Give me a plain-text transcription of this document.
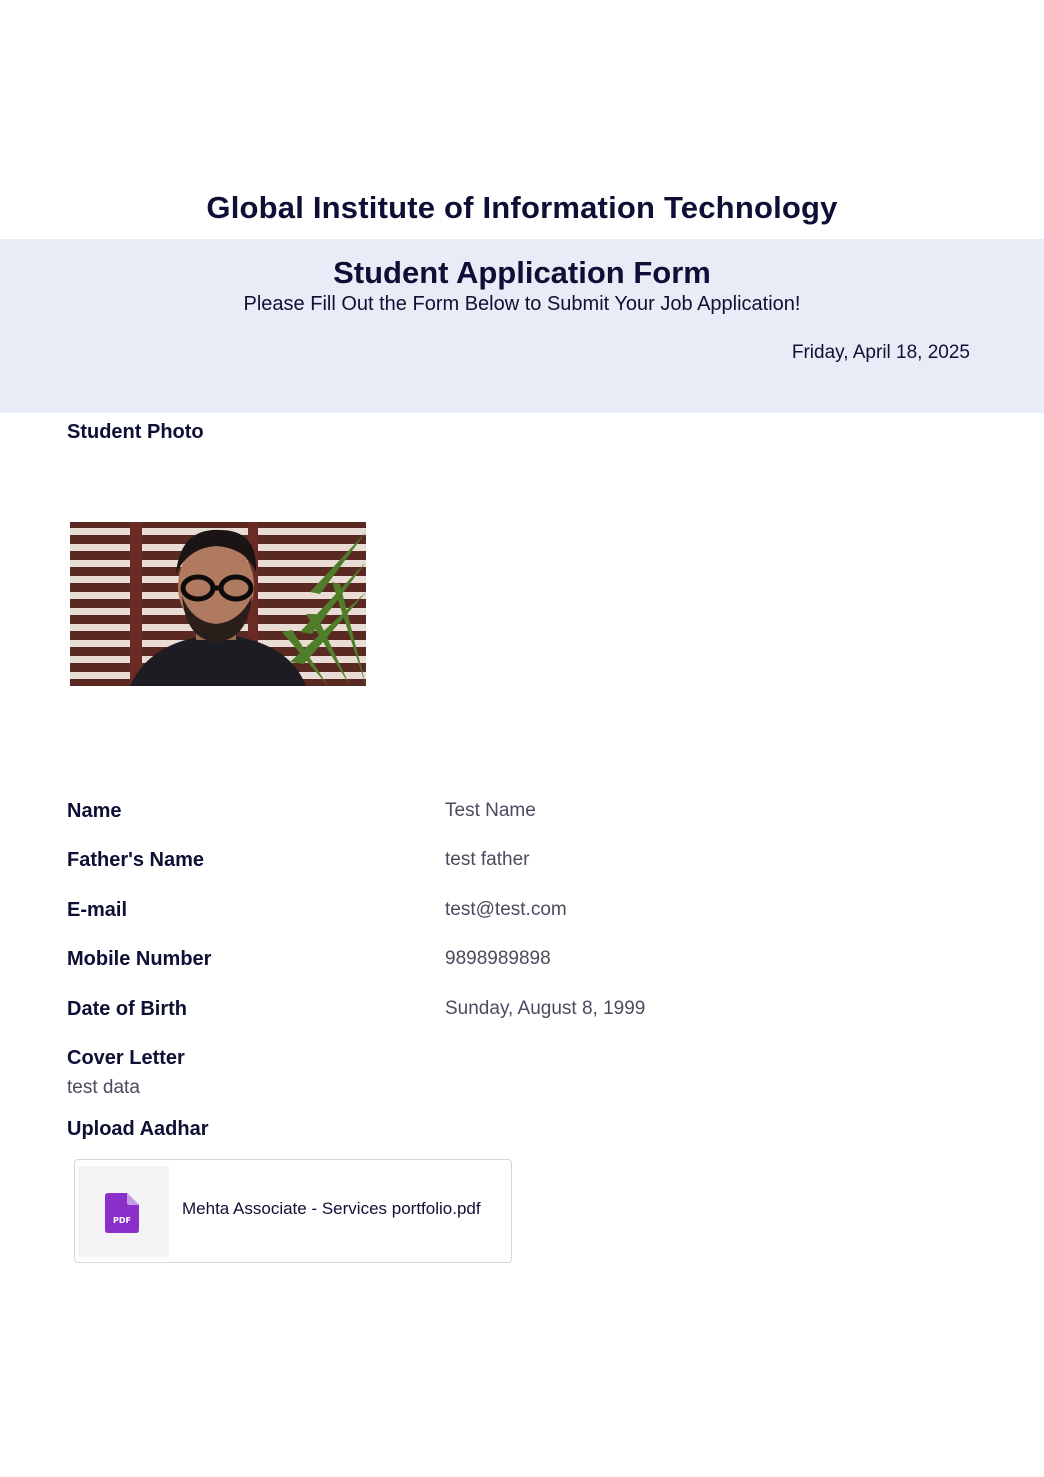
Global Institute of Information Technology
Student Application Form
Please Fill Out the Form Below to Submit Your Job Application!
Friday, April 18, 2025
Student Photo
Name	Test Name
Father's Name	test father
E-mail	test@test.com
Mobile Number	9898989898
Date of Birth	Sunday, August 8, 1999
Cover Letter
test data
Upload Aadhar
PDF
Mehta Associate - Services portfolio.pdf
